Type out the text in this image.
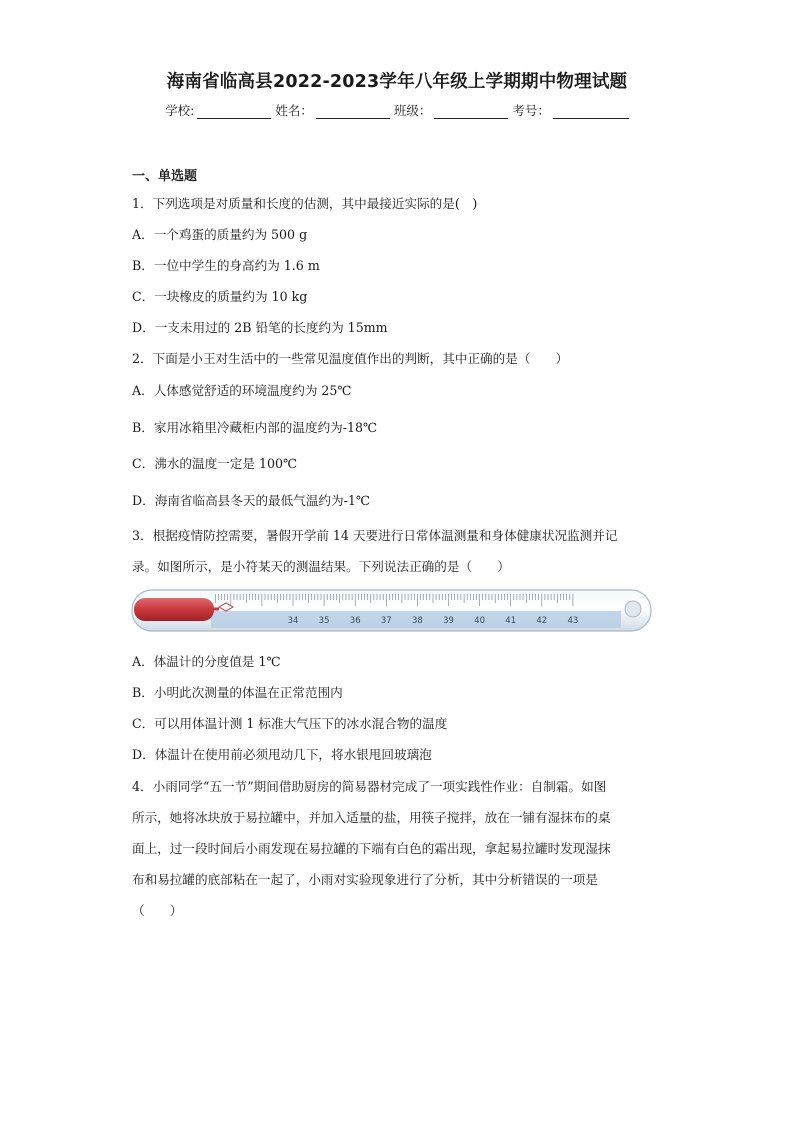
海南省临高县2022-2023学年八年级上学期期中物理试题
学校:	姓名：	班级：	考号：
一、单选题
1．下列选项是对质量和长度的估测，其中最接近实际的是(　)
A．一个鸡蛋的质量约为 500 g
B．一位中学生的身高约为 1.6 m
C．一块橡皮的质量约为 10 kg
D．一支未用过的 2B 铅笔的长度约为 15mm
2．下面是小王对生活中的一些常见温度值作出的判断，其中正确的是（　　）
A．人体感觉舒适的环境温度约为 25℃
B．家用冰箱里冷藏柜内部的温度约为-18℃
C．沸水的温度一定是 100℃
D．海南省临高县冬天的最低气温约为-1℃
3．根据疫情防控需要，暑假开学前 14 天要进行日常体温测量和身体健康状况监测并记
录。如图所示，是小符某天的测温结果。下列说法正确的是（　　）
34 35 36 37 38 39 40 41 42 43
A．体温计的分度值是 1℃
B．小明此次测量的体温在正常范围内
C．可以用体温计测 1 标准大气压下的冰水混合物的温度
D．体温计在使用前必须甩动几下，将水银甩回玻璃泡
4．小雨同学“五一节”期间借助厨房的简易器材完成了一项实践性作业：自制霜。如图
所示，她将冰块放于易拉罐中，并加入适量的盐，用筷子搅拌，放在一铺有湿抹布的桌
面上，过一段时间后小雨发现在易拉罐的下端有白色的霜出现，拿起易拉罐时发现湿抹
布和易拉罐的底部粘在一起了，小雨对实验现象进行了分析，其中分析错误的一项是
（　　）
